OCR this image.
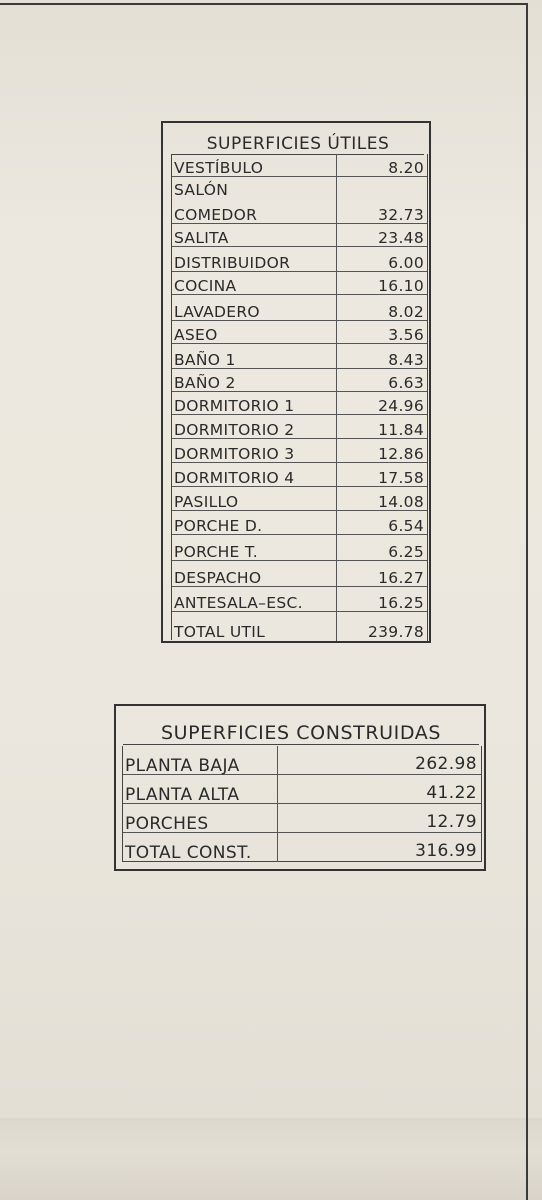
SUPERFICIES ÚTILES
VESTÍBULO	8.20
SALÓN
COMEDOR	32.73
SALITA	23.48
DISTRIBUIDOR	6.00
COCINA	16.10
LAVADERO	8.02
ASEO	3.56
BAÑO 1	8.43
BAÑO 2	6.63
DORMITORIO 1	24.96
DORMITORIO 2	11.84
DORMITORIO 3	12.86
DORMITORIO 4	17.58
PASILLO	14.08
PORCHE D.	6.54
PORCHE T.	6.25
DESPACHO	16.27
ANTESALA–ESC.	16.25
TOTAL UTIL	239.78
SUPERFICIES CONSTRUIDAS
PLANTA BAJA	262.98
PLANTA ALTA	41.22
PORCHES	12.79
TOTAL CONST.	316.99
